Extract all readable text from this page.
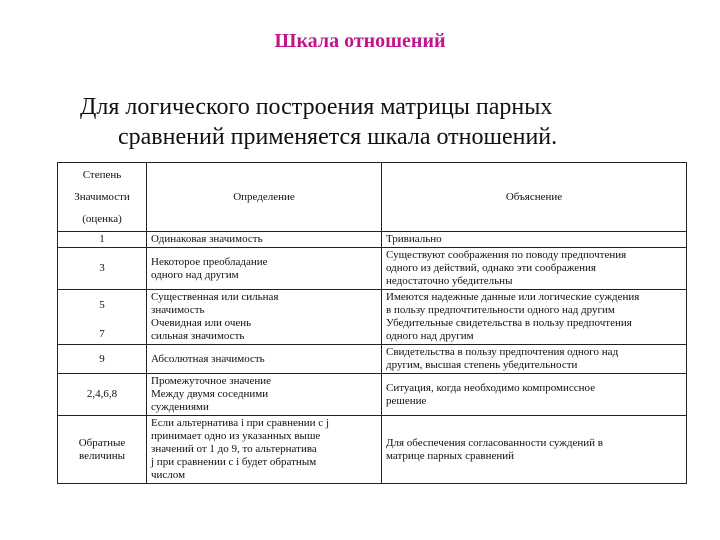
Шкала отношений
Для логического построения матрицы парных
сравнений применяется шкала отношений.
Степень
Значимости
(оценка)	Определение	Объяснение
1	Одинаковая значимость	Тривиально

3	Некоторое преобладание
одного над другим	Существуют соображения по поводу предпочтения
одного из действий, однако эти соображения
недостаточно убедительны

5
7	Существенная или сильная
значимость
Очевидная или очень
сильная значимость	Имеются надежные данные или логические суждения
в пользу предпочтительности одного над другим
Убедительные свидетельства в пользу предпочтения
одного над другим

9	Абсолютная значимость	Свидетельства в пользу предпочтения одного над
другим, высшая степень убедительности

2,4,6,8	Промежуточное значение
Между двумя соседними
суждениями	Ситуация, когда необходимо компромиссное
решение

Обратные
величины	Если альтернатива i при сравнении с j
принимает одно из указанных выше
значений от 1 до 9, то альтернатива
j при сравнении с i будет обратным
числом	Для обеспечения согласованности суждений в
матрице парных сравнений
